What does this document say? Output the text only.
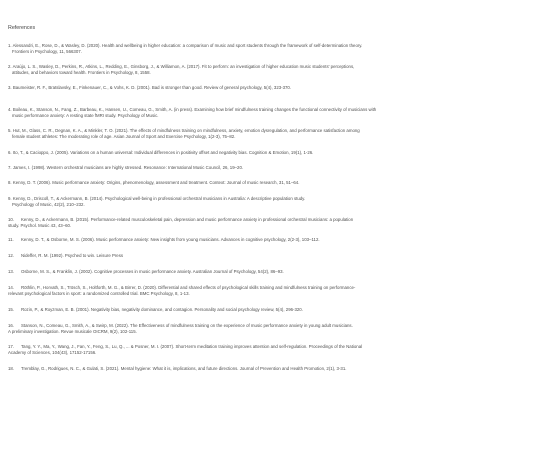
References
1. Alessandri, E., Rose, D., & Wasley, D. (2020). Health and wellbeing in higher education: a comparison of music and sport students through the framework of self-determination theory.
Frontiers in Psychology, 11, 566307.
2. Araújo, L. S., Wasley, D., Perkins, R., Atkins, L., Redding, E., Ginsborg, J., & Williamon, A. (2017). Fit to perform: an investigation of higher education music students' perceptions,
attitudes, and behaviors toward health. Frontiers in Psychology, 8, 1558.
3. Baumeister, R. F., Bratslavsky, E., Finkenauer, C., & Vohs, K. D. (2001). Bad is stronger than good. Review of general psychology, 5(4), 323-370.
4. Boileau, K., Stanson, N., Fang, Z., Barbeau, K., Hansen, U., Comeau, G., Smith, A. (in press). Examining how brief mindfulness training changes the functional connectivity of musicians with
music performance anxiety: A resting state fMRI study. Psychology of Music.
5. Hut, M., Glass, C. R., Degnan, K. A., & Minkler, T. O. (2021). The effects of mindfulness training on mindfulness, anxiety, emotion dysregulation, and performance satisfaction among
female student athletes: The moderating role of age. Asian Journal of Sport and Exercise Psychology, 1(2-3), 75–82.
6. Ito, T., & Cacioppo, J. (2005). Variations on a human universal: Individual differences in positivity offset and negativity bias. Cognition & Emotion, 19(1), 1-26.
7. James, I. (1998). Western orchestral musicians are highly stressed. Resonance: International Music Council, 26, 19–20.
8. Kenny, D. T. (2006). Music performance anxiety: Origins, phenomenology, assessment and treatment. Context: Journal of music research, 31, 51–64.
9. Kenny, D., Driscoll, T., & Ackermann, B. (2014). Psychological well-being in professional orchestral musicians in Australia: A descriptive population study.
Psychology of Music, 42(2), 210–232.
10. Kenny, D., & Ackermann, B. (2015). Performance-related musculoskeletal pain, depression and music performance anxiety in professional orchestral musicians: a population
study. Psychol. Music 43, 43–60.
11. Kenny, D. T., & Osborne, M. S. (2006). Music performance anxiety: New insights from young musicians. Advances in cognitive psychology, 2(2-3), 103–112.
12. Nideffer, R. M. (1992). Psyched to win. Leisure Press
13. Osborne, M. S., & Franklin, J. (2002). Cognitive processes in music performance anxiety. Australian Journal of Psychology, 54(2), 86–93.
14. Röthlin, P., Horvath, S., Trösch, S., Holtforth, M. G., & Birrer, D. (2020). Differential and shared effects of psychological skills training and mindfulness training on performance-
relevant psychological factors in sport: a randomized controlled trial. BMC Psychology, 8, 1-13.
15. Rozin, P., & Royzman, E. B. (2001). Negativity bias, negativity dominance, and contagion. Personality and social psychology review, 5(4), 296-320.
16. Stanson, N., Comeau, G., Smith, A., & Swirp, M. (2022). The Effectiveness of mindfulness training on the experience of music performance anxiety in young adult musicians.
A preliminary investigation. Revue musicale OICRM, 9(2), 102-115.
17. Tang, Y. Y., Ma, Y., Wang, J., Fan, Y., Feng, S., Lu, Q., ... & Posner, M. I. (2007). Short-term meditation training improves attention and self-regulation. Proceedings of the National
Academy of Sciences, 104(43), 17152-17156.
18. Tremblay, G., Rodrigues, N. C., & Gulati, S. (2021). Mental hygiene: What it is, implications, and future directions. Journal of Prevention and Health Promotion, 2(1), 3-31.
